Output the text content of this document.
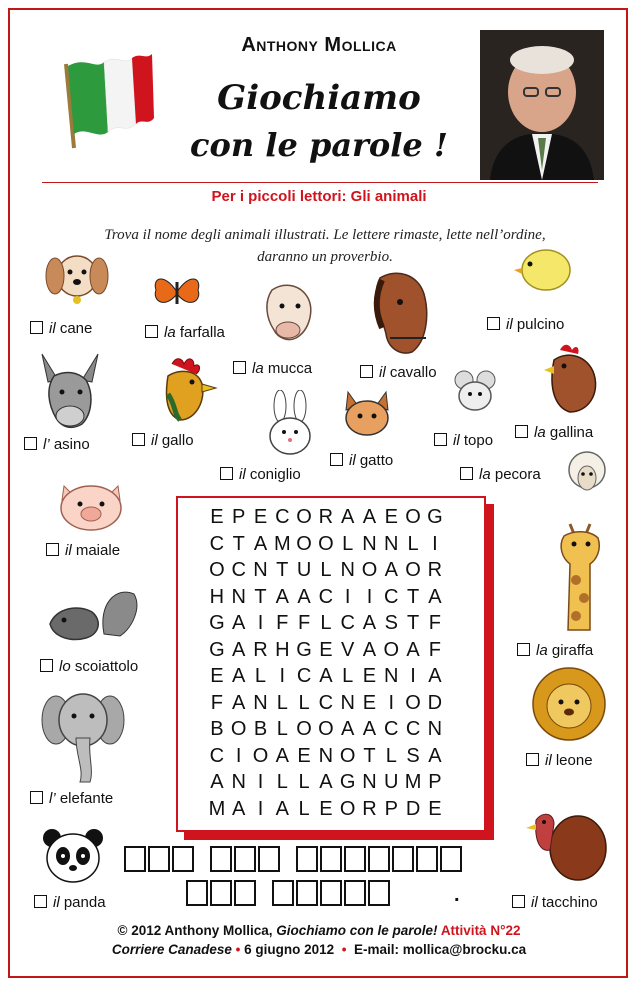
Anthony Mollica
Giochiamo
con le parole !
Per i piccoli lettori: Gli animali
Trova il nome degli animali illustrati. Le lettere rimaste, lette nell’ordine, daranno un proverbio.
il cane	la farfalla
la mucca	il cavallo
il pulcino
l’ asino	il gallo
il coniglio
il gatto
il topo	la gallina
la pecora
il maiale
lo scoiattolo
la giraffa
il leone
l’ elefante
il panda	il tacchino
E P E C O R A A E O G
C T A M O O L N N L I
O C N T U L N O A O R
H N T A A C I I C T A
G A I F F L C A S T F
G A R H G E V A O A F
E A L I C A L E N I A
F A N L L C N E I O D
B O B L O O A A C C N
C I O A E N O T L S A
A N I L L A G N U M P
M A I A L E O R P D E
.
© 2012 Anthony Mollica, Giochiamo con le parole! Attività N°22
Corriere Canadese • 6 giugno 2012 • E-mail: mollica@brocku.ca
